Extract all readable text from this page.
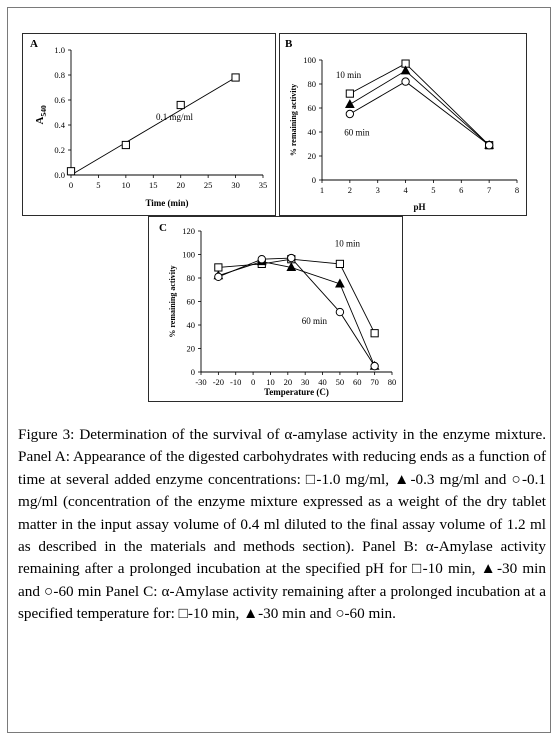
A
0.0
0.2
0.4
0.6
0.8
1.0
0	5 10 15 20 25 30 35
Time (min)
$A_{540}$
0.1 mg/ml
B
0
20
40
60
80
100
1	2	3	4	5	6	7	8
pH
% remaining activity
10 min
60 min
C
0
20
40
60
80
100
120
-30 -20 -10 0 10 20 30 40 50 60 70 80
Temperature (C)
% remaining activity
10 min
60 min
Figure 3: Determination of the survival of α-amylase activity in the enzyme mixture. Panel A: Appearance of the digested carbohydrates with reducing ends as a function of time at several added enzyme concentrations: □-1.0 mg/ml, ▲-0.3 mg/ml and ○-0.1 mg/ml (concentration of the enzyme mixture expressed as a weight of the dry tablet matter in the input assay volume of 0.4 ml diluted to the final assay volume of 1.2 ml as described in the materials and methods section). Panel B: α-Amylase activity remaining after a prolonged incubation at the specified pH for □-10 min, ▲-30 min and ○-60 min Panel C: α-Amylase activity remaining after a prolonged incubation at a specified temperature for: □-10 min, ▲-30 min and ○-60 min.
